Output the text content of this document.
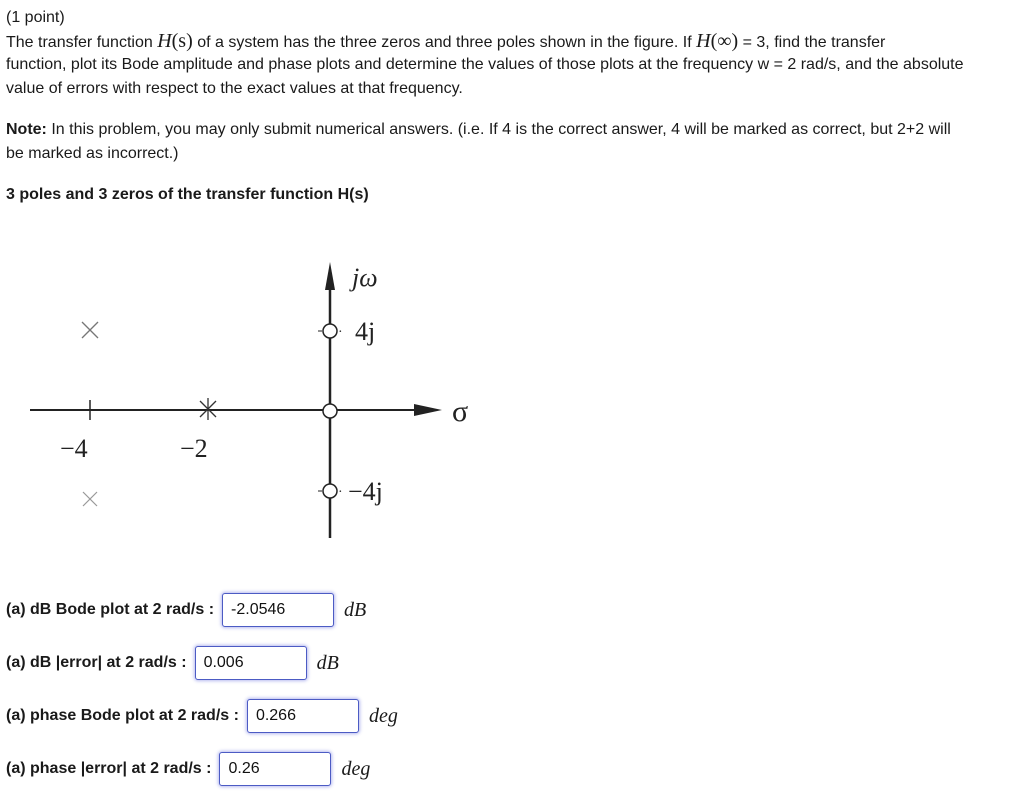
(1 point)

The transfer function H(s) of a system has the three zeros and three poles shown in the figure. If H(∞) = 3, find the transfer

function, plot its Bode amplitude and phase plots and determine the values of those plots at the frequency w = 2 rad/s, and the absolute

value of errors with respect to the exact values at that frequency.

Note: In this problem, you may only submit numerical answers. (i.e. If 4 is the correct answer, 4 will be marked as correct, but 2+2 will

be marked as incorrect.)

3 poles and 3 zeros of the transfer function H(s)

jω
σ
·
·
4j
−4j
−4	−2
(a) dB Bode plot at 2 rad/s :
-2.0546	dB
(a) dB |error| at 2 rad/s :
0.006	dB
(a) phase Bode plot at 2 rad/s :
0.266	deg
(a) phase |error| at 2 rad/s :
0.26	deg
